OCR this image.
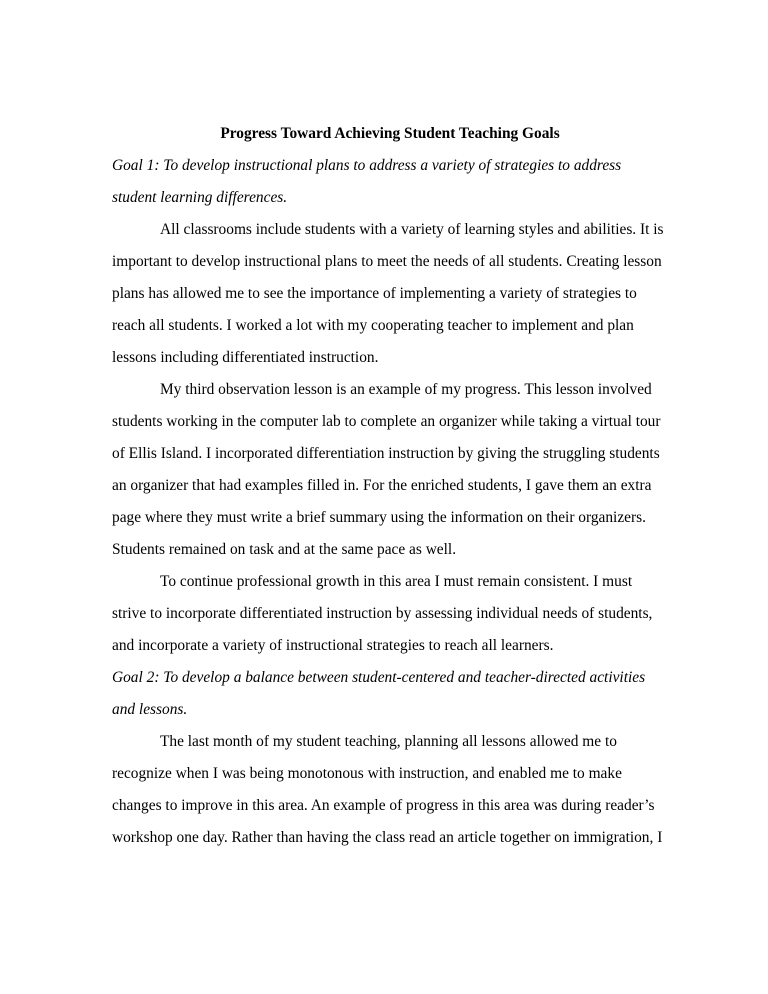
Progress Toward Achieving Student Teaching Goals

Goal 1: To develop instructional plans to address a variety of strategies to address student learning differences.

All classrooms include students with a variety of learning styles and abilities. It is important to develop instructional plans to meet the needs of all students. Creating lesson plans has allowed me to see the importance of implementing a variety of strategies to reach all students. I worked a lot with my cooperating teacher to implement and plan lessons including differentiated instruction.

My third observation lesson is an example of my progress. This lesson involved students working in the computer lab to complete an organizer while taking a virtual tour of Ellis Island. I incorporated differentiation instruction by giving the struggling students an organizer that had examples filled in. For the enriched students, I gave them an extra page where they must write a brief summary using the information on their organizers. Students remained on task and at the same pace as well.

To continue professional growth in this area I must remain consistent. I must strive to incorporate differentiated instruction by assessing individual needs of students, and incorporate a variety of instructional strategies to reach all learners.

Goal 2: To develop a balance between student-centered and teacher-directed activities and lessons.

The last month of my student teaching, planning all lessons allowed me to recognize when I was being monotonous with instruction, and enabled me to make changes to improve in this area. An example of progress in this area was during reader’s workshop one day. Rather than having the class read an article together on immigration, I
